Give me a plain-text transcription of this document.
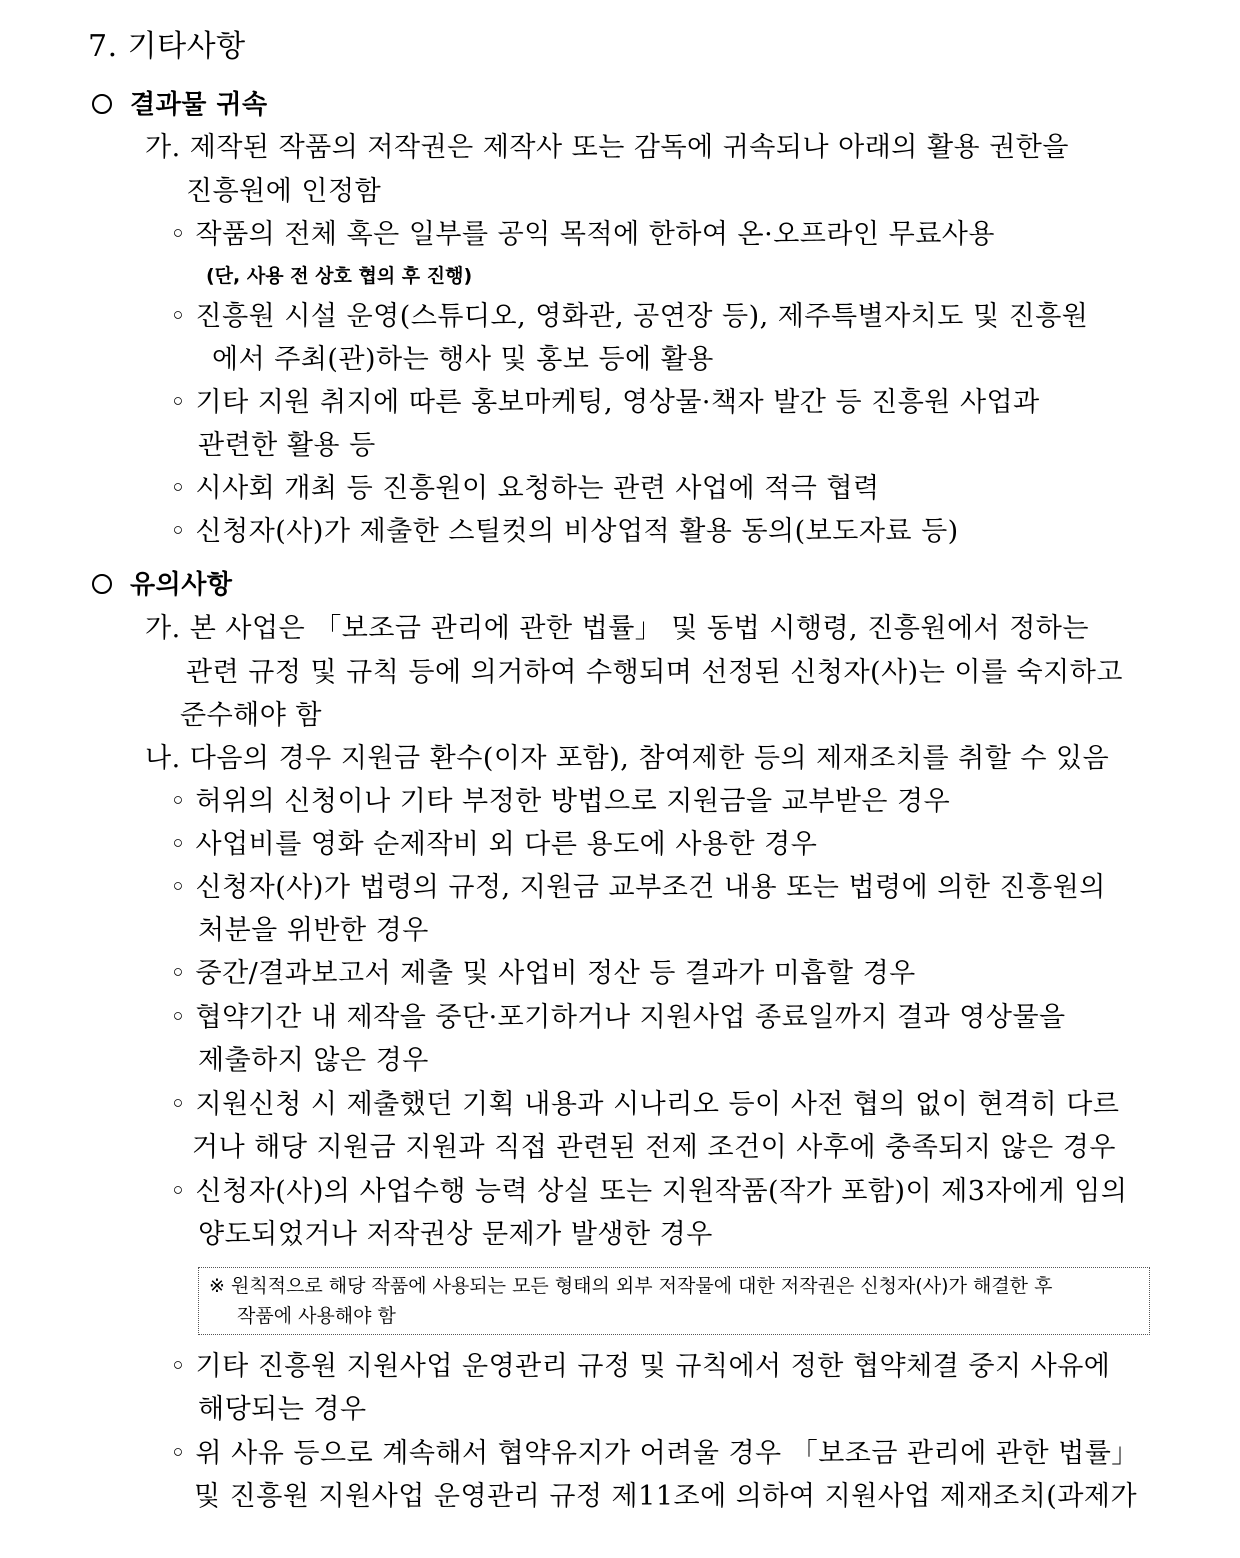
7. 기타사항
결과물 귀속
가. 제작된 작품의 저작권은 제작사 또는 감독에 귀속되나 아래의 활용 권한을
진흥원에 인정함
◦ 작품의 전체 혹은 일부를 공익 목적에 한하여 온·오프라인 무료사용
(단, 사용 전 상호 협의 후 진행)
◦ 진흥원 시설 운영(스튜디오, 영화관, 공연장 등), 제주특별자치도 및 진흥원
에서 주최(관)하는 행사 및 홍보 등에 활용
◦ 기타 지원 취지에 따른 홍보마케팅, 영상물·책자 발간 등 진흥원 사업과
관련한 활용 등
◦ 시사회 개최 등 진흥원이 요청하는 관련 사업에 적극 협력
◦ 신청자(사)가 제출한 스틸컷의 비상업적 활용 동의(보도자료 등)
유의사항
가. 본 사업은 「보조금 관리에 관한 법률」 및 동법 시행령, 진흥원에서 정하는
관련 규정 및 규칙 등에 의거하여 수행되며 선정된 신청자(사)는 이를 숙지하고
준수해야 함
나. 다음의 경우 지원금 환수(이자 포함), 참여제한 등의 제재조치를 취할 수 있음
◦ 허위의 신청이나 기타 부정한 방법으로 지원금을 교부받은 경우
◦ 사업비를 영화 순제작비 외 다른 용도에 사용한 경우
◦ 신청자(사)가 법령의 규정, 지원금 교부조건 내용 또는 법령에 의한 진흥원의
처분을 위반한 경우
◦ 중간/결과보고서 제출 및 사업비 정산 등 결과가 미흡할 경우
◦ 협약기간 내 제작을 중단·포기하거나 지원사업 종료일까지 결과 영상물을
제출하지 않은 경우
◦ 지원신청 시 제출했던 기획 내용과 시나리오 등이 사전 협의 없이 현격히 다르
거나 해당 지원금 지원과 직접 관련된 전제 조건이 사후에 충족되지 않은 경우
◦ 신청자(사)의 사업수행 능력 상실 또는 지원작품(작가 포함)이 제3자에게 임의
양도되었거나 저작권상 문제가 발생한 경우
※ 원칙적으로 해당 작품에 사용되는 모든 형태의 외부 저작물에 대한 저작권은 신청자(사)가 해결한 후
작품에 사용해야 함
◦ 기타 진흥원 지원사업 운영관리 규정 및 규칙에서 정한 협약체결 중지 사유에
해당되는 경우
◦ 위 사유 등으로 계속해서 협약유지가 어려울 경우 「보조금 관리에 관한 법률」
및 진흥원 지원사업 운영관리 규정 제11조에 의하여 지원사업 제재조치(과제가
